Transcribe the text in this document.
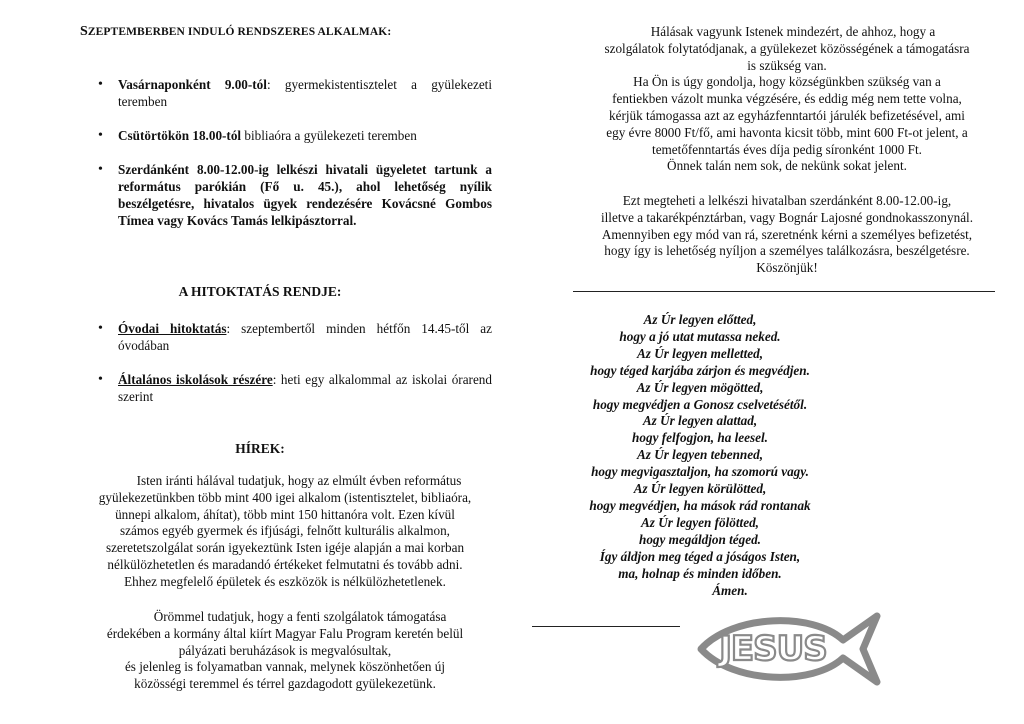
SZEPTEMBERBEN INDULÓ RENDSZERES ALKALMAK:
• Vasárnaponként 9.00-tól: gyermekistentisztelet a gyülekezeti teremben
• Csütörtökön 18.00-tól bibliaóra a gyülekezeti teremben
• Szerdánként 8.00-12.00-ig lelkészi hivatali ügyeletet tartunk a református parókián (Fő u. 45.), ahol lehetőség nyílik beszélgetésre, hivatalos ügyek rendezésére Kovácsné Gombos Tímea vagy Kovács Tamás lelkipásztorral.
A HITOKTATÁS RENDJE:
• Óvodai hitoktatás: szeptembertől minden hétfőn 14.45-től az óvodában
• Általános iskolások részére: heti egy alkalommal az iskolai órarend szerint
HÍREK:
Isten iránti hálával tudatjuk, hogy az elmúlt évben református
gyülekezetünkben több mint 400 igei alkalom (istentisztelet, bibliaóra,
ünnepi alkalom, áhítat), több mint 150 hittanóra volt. Ezen kívül
számos egyéb gyermek és ifjúsági, felnőtt kulturális alkalmon,
szeretetszolgálat során igyekeztünk Isten igéje alapján a mai korban
nélkülözhetetlen és maradandó értékeket felmutatni és tovább adni.
Ehhez megfelelő épületek és eszközök is nélkülözhetetlenek.
Örömmel tudatjuk, hogy a fenti szolgálatok támogatása
érdekében a kormány által kiírt Magyar Falu Program keretén belül
pályázati beruházások is megvalósultak,
és jelenleg is folyamatban vannak, melynek köszönhetően új
közösségi teremmel és térrel gazdagodott gyülekezetünk.
Hálásak vagyunk Istenek mindezért, de ahhoz, hogy a
szolgálatok folytatódjanak, a gyülekezet közösségének a támogatásra
is szükség van.
Ha Ön is úgy gondolja, hogy községünkben szükség van a
fentiekben vázolt munka végzésére, és eddig még nem tette volna,
kérjük támogassa azt az egyházfenntartói járulék befizetésével, ami
egy évre 8000 Ft/fő, ami havonta kicsit több, mint 600 Ft-ot jelent, a
temetőfenntartás éves díja pedig síronként 1000 Ft.
Önnek talán nem sok, de nekünk sokat jelent.
Ezt megteheti a lelkészi hivatalban szerdánként 8.00-12.00-ig,
illetve a takarékpénztárban, vagy Bognár Lajosné gondnokasszonynál.
Amennyiben egy mód van rá, szeretnénk kérni a személyes befizetést,
hogy így is lehetőség nyíljon a személyes találkozásra, beszélgetésre.
Köszönjük!
Az Úr legyen előtted,
hogy a jó utat mutassa neked.
Az Úr legyen melletted,
hogy téged karjába zárjon és megvédjen.
Az Úr legyen mögötted,
hogy megvédjen a Gonosz cselvetésétől.
Az Úr legyen alattad,
hogy felfogjon, ha leesel.
Az Úr legyen tebenned,
hogy megvigasztaljon, ha szomorú vagy.
Az Úr legyen körülötted,
hogy megvédjen, ha mások rád rontanak
Az Úr legyen fölötted,
hogy megáldjon téged.
Így áldjon meg téged a jóságos Isten,
ma, holnap és minden időben.
Ámen.
JESUS
